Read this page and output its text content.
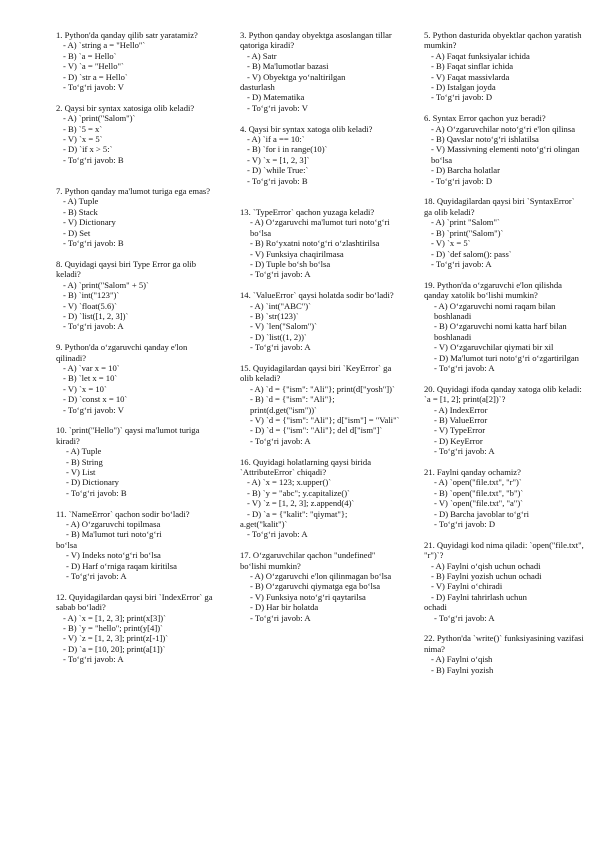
1. Python'da qanday qilib satr yaratamiz?
- A) `string a = "Hello"`
- B) `a = Hello`
- V) `a = "Hello"`
- D) `str a = Hello`
- To‘g‘ri javob: V
2. Qaysi bir syntax xatosiga olib keladi?
- A) `print("Salom")`
- B) `5 = x`
- V) `x = 5`
- D) `if x > 5:`
- To‘g‘ri javob: B
7. Python qanday ma'lumot turiga ega emas?
- A) Tuple
- B) Stack
- V) Dictionary
- D) Set
- To‘g‘ri javob: B
8. Quyidagi qaysi biri Type Error ga olib keladi?
- A) `print("Salom" + 5)`
- B) `int("123")`
- V) `float(5.6)`
- D) `list([1, 2, 3])`
- To‘g‘ri javob: A
9. Python'da o‘zgaruvchi qanday e'lon qilinadi?
- A) `var x = 10`
- B) `let x = 10`
- V) `x = 10`
- D) `const x = 10`
- To‘g‘ri javob: V
10. `print("Hello")` qaysi ma'lumot turiga kiradi?
- A) Tuple
- B) String
- V) List
- D) Dictionary
- To‘g‘ri javob: B
11. `NameError` qachon sodir bo‘ladi?
- A) O‘zgaruvchi topilmasa
- B) Ma'lumot turi noto‘g‘ri
bo‘lsa
- V) Indeks noto‘g‘ri bo‘lsa
- D) Harf o‘rniga raqam kiritilsa
- To‘g‘ri javob: A
12. Quyidagilardan qaysi biri `IndexError` ga sabab bo‘ladi?
- A) `x = [1, 2, 3]; print(x[3])`
- B) `y = "hello"; print(y[4])`
- V) `z = [1, 2, 3]; print(z[-1])`
- D) `a = [10, 20]; print(a[1])`
- To‘g‘ri javob: A
3. Python qanday obyektga asoslangan tillar qatoriga kiradi?
- A) Satr
- B) Ma'lumotlar bazasi
- V) Obyektga yo‘naltirilgan
dasturlash
- D) Matematika
- To‘g‘ri javob: V
4. Qaysi bir syntax xatoga olib keladi?
- A) `if a == 10:`
- B) `for i in range(10)`
- V) `x = [1, 2, 3]`
- D) `while True:`
- To‘g‘ri javob: B
13. `TypeError` qachon yuzaga keladi?
- A) O‘zgaruvchi ma'lumot turi noto‘g‘ri bo‘lsa
- B) Ro‘yxatni noto‘g‘ri o‘zlashtirilsa
- V) Funksiya chaqirilmasa
- D) Tuple bo‘sh bo‘lsa
- To‘g‘ri javob: A
14. `ValueError` qaysi holatda sodir bo‘ladi?
- A) `int("ABC")`
- B) `str(123)`
- V) `len("Salom")`
- D) `list((1, 2))`
- To‘g‘ri javob: A
15. Quyidagilardan qaysi biri `KeyError` ga olib keladi?
- A) `d = {"ism": "Ali"}; print(d["yosh"])`
- B) `d = {"ism": "Ali"}; print(d.get("ism"))`
- V) `d = {"ism": "Ali"}; d["ism"] = "Vali"`
- D) `d = {"ism": "Ali"}; del d["ism"]`
- To‘g‘ri javob: A
16. Quyidagi holatlarning qaysi birida `AttributeError` chiqadi?
- A) `x = 123; x.upper()`
- B) `y = "abc"; y.capitalize()`
- V) `z = [1, 2, 3]; z.append(4)`
- D) `a = {"kalit": "qiymat"};
a.get("kalit")`
- To‘g‘ri javob: A
17. O‘zgaruvchilar qachon "undefined" bo‘lishi mumkin?
- A) O‘zgaruvchi e'lon qilinmagan bo‘lsa
- B) O‘zgaruvchi qiymatga ega bo‘lsa
- V) Funksiya noto‘g‘ri qaytarilsa
- D) Har bir holatda
- To‘g‘ri javob: A
5. Python dasturida obyektlar qachon yaratish mumkin?
- A) Faqat funksiyalar ichida
- B) Faqat sinflar ichida
- V) Faqat massivlarda
- D) Istalgan joyda
- To‘g‘ri javob: D
6. Syntax Error qachon yuz beradi?
- A) O‘zgaruvchilar noto‘g‘ri e'lon qilinsa
- B) Qavslar noto‘g‘ri ishlatilsa
- V) Massivning elementi noto‘g‘ri olingan bo‘lsa
- D) Barcha holatlar
- To‘g‘ri javob: D
18. Quyidagilardan qaysi biri `SyntaxError` ga olib keladi?
- A) `print "Salom"`
- B) `print("Salom")`
- V) `x = 5`
- D) `def salom(): pass`
- To‘g‘ri javob: A
19. Python'da o‘zgaruvchi e'lon qilishda qanday xatolik bo‘lishi mumkin?
- A) O‘zgaruvchi nomi raqam bilan boshlanadi
- B) O‘zgaruvchi nomi katta harf bilan boshlanadi
- V) O‘zgaruvchilar qiymati bir xil
- D) Ma'lumot turi noto‘g‘ri o‘zgartirilgan
- To‘g‘ri javob: A
20. Quyidagi ifoda qanday xatoga olib keladi: `a = [1, 2]; print(a[2])`?
- A) IndexError
- B) ValueError
- V) TypeError
- D) KeyError
- To‘g‘ri javob: A
21. Faylni qanday ochamiz?
- A) `open("file.txt", "r")`
- B) `open("file.txt", "b")`
- V) `open("file.txt", "a")`
- D) Barcha javoblar to‘g‘ri
- To‘g‘ri javob: D
21. Quyidagi kod nima qiladi: `open("file.txt", "r")`?
- A) Faylni o‘qish uchun ochadi
- B) Faylni yozish uchun ochadi
- V) Faylni o‘chiradi
- D) Faylni tahrirlash uchun
ochadi
- To‘g‘ri javob: A
22. Python'da `write()` funksiyasining vazifasi nima?
- A) Faylni o‘qish
- B) Faylni yozish
